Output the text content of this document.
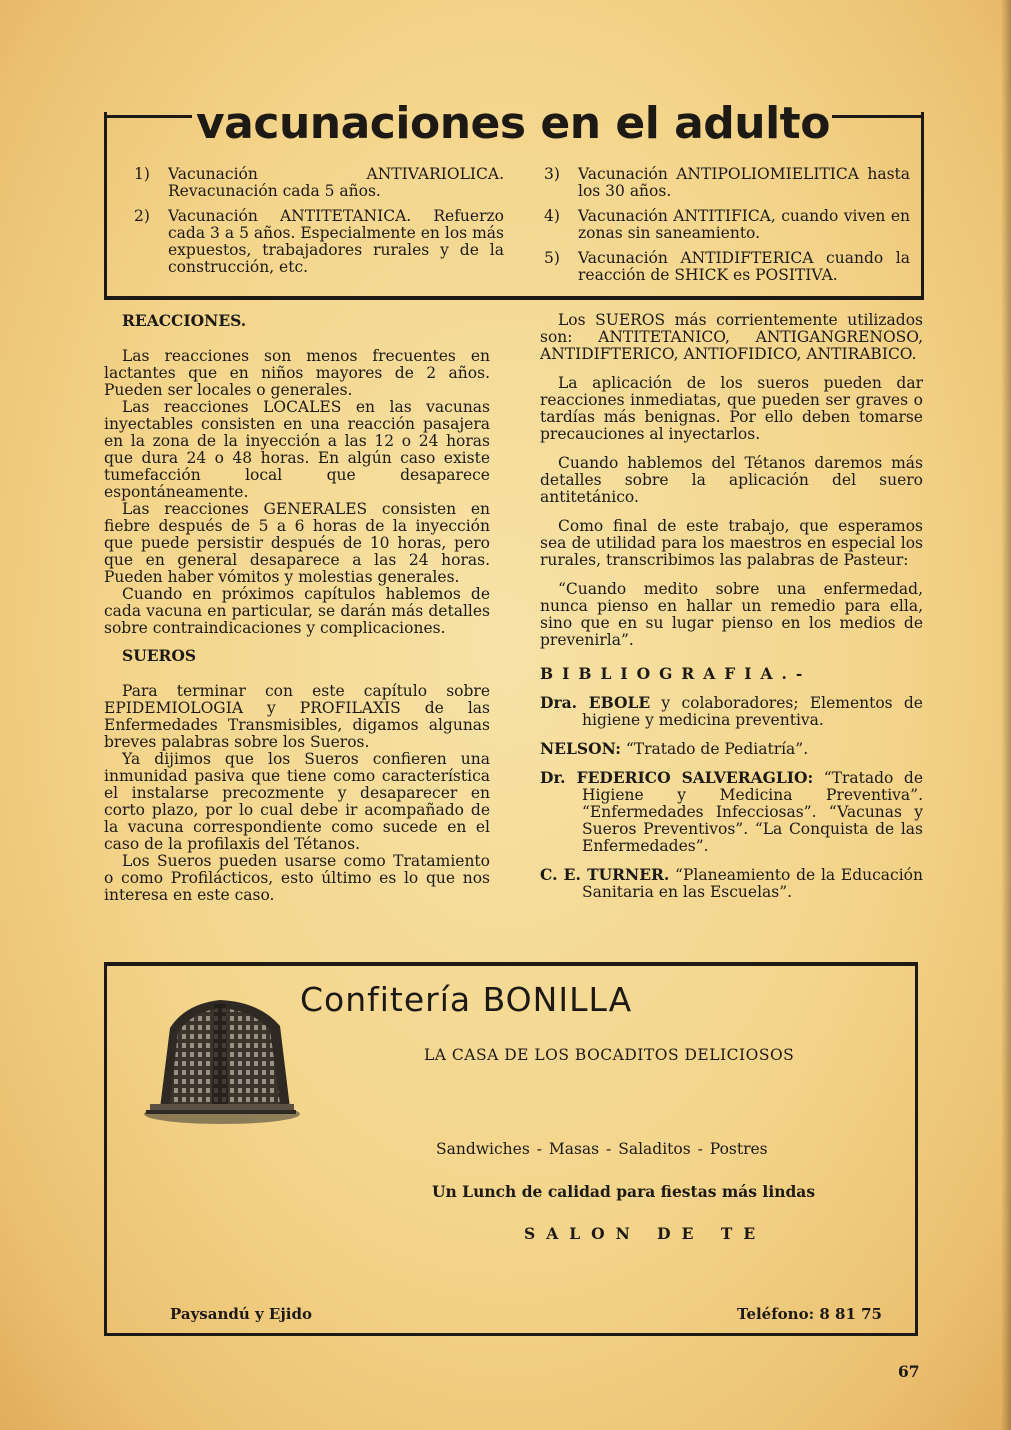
vacunaciones en el adulto
1)	Vacunación ANTIVARIOLICA. Revacunación cada 5 años.
2)	Vacunación ANTITETANICA. Refuerzo cada 3 a 5 años. Especialmente en los más expuestos, trabajadores rurales y de la construcción, etc.
3)	Vacunación ANTIPOLIOMIELITICA hasta los 30 años.
4)	Vacunación ANTITIFICA, cuando viven en zonas sin saneamiento.
5)	Vacunación ANTIDIFTERICA cuando la reacción de SHICK es POSITIVA.

REACCIONES.

Las reacciones son menos frecuentes en lactantes que en niños mayores de 2 años. Pueden ser locales o generales.

Las reacciones LOCALES en las vacunas inyectables consisten en una reacción pasajera en la zona de la inyección a las 12 o 24 horas que dura 24 o 48 horas. En algún caso existe tumefacción local que desaparece espontáneamente.

Las reacciones GENERALES consisten en fiebre después de 5 a 6 horas de la inyección que puede persistir después de 10 horas, pero que en general desaparece a las 24 horas. Pueden haber vómitos y molestias generales.

Cuando en próximos capítulos hablemos de cada vacuna en particular, se darán más detalles sobre contraindicaciones y complicaciones.

SUEROS

Para terminar con este capítulo sobre EPIDEMIOLOGIA y PROFILAXIS de las Enfermedades Transmisibles, digamos algunas breves palabras sobre los Sueros.

Ya dijimos que los Sueros confieren una inmunidad pasiva que tiene como característica el instalarse precozmente y desaparecer en corto plazo, por lo cual debe ir acompañado de la vacuna correspondiente como sucede en el caso de la profilaxis del Tétanos.

Los Sueros pueden usarse como Tratamiento o como Profilácticos, esto último es lo que nos interesa en este caso.

Los SUEROS más corrientemente utilizados son: ANTITETANICO, ANTIGANGRENOSO, ANTIDIFTERICO, ANTIOFIDICO, ANTIRABICO.

La aplicación de los sueros pueden dar reacciones inmediatas, que pueden ser graves o tardías más benignas. Por ello deben tomarse precauciones al inyectarlos.

Cuando hablemos del Tétanos daremos más detalles sobre la aplicación del suero antitetánico.

Como final de este trabajo, que esperamos sea de utilidad para los maestros en especial los rurales, transcribimos las palabras de Pasteur:

“Cuando medito sobre una enfermedad, nunca pienso en hallar un remedio para ella, sino que en su lugar pienso en los medios de prevenirla”.

BIBLIOGRAFIA.-

Dra. EBOLE y colaboradores; Elementos de higiene y medicina preventiva.

NELSON: “Tratado de Pediatría”.

Dr. FEDERICO SALVERAGLIO: “Tratado de Higiene y Medicina Preventiva”. “Enfermedades Infecciosas”. “Vacunas y Sueros Preventivos”. “La Conquista de las Enfermedades”.

C. E. TURNER. “Planeamiento de la Educación Sanitaria en las Escuelas”.

Confitería BONILLA
LA CASA DE LOS BOCADITOS DELICIOSOS
Sandwiches - Masas - Saladitos - Postres
Un Lunch de calidad para fiestas más lindas
SALON DE TE
Paysandú y Ejido	Teléfono: 8 81 75
67
